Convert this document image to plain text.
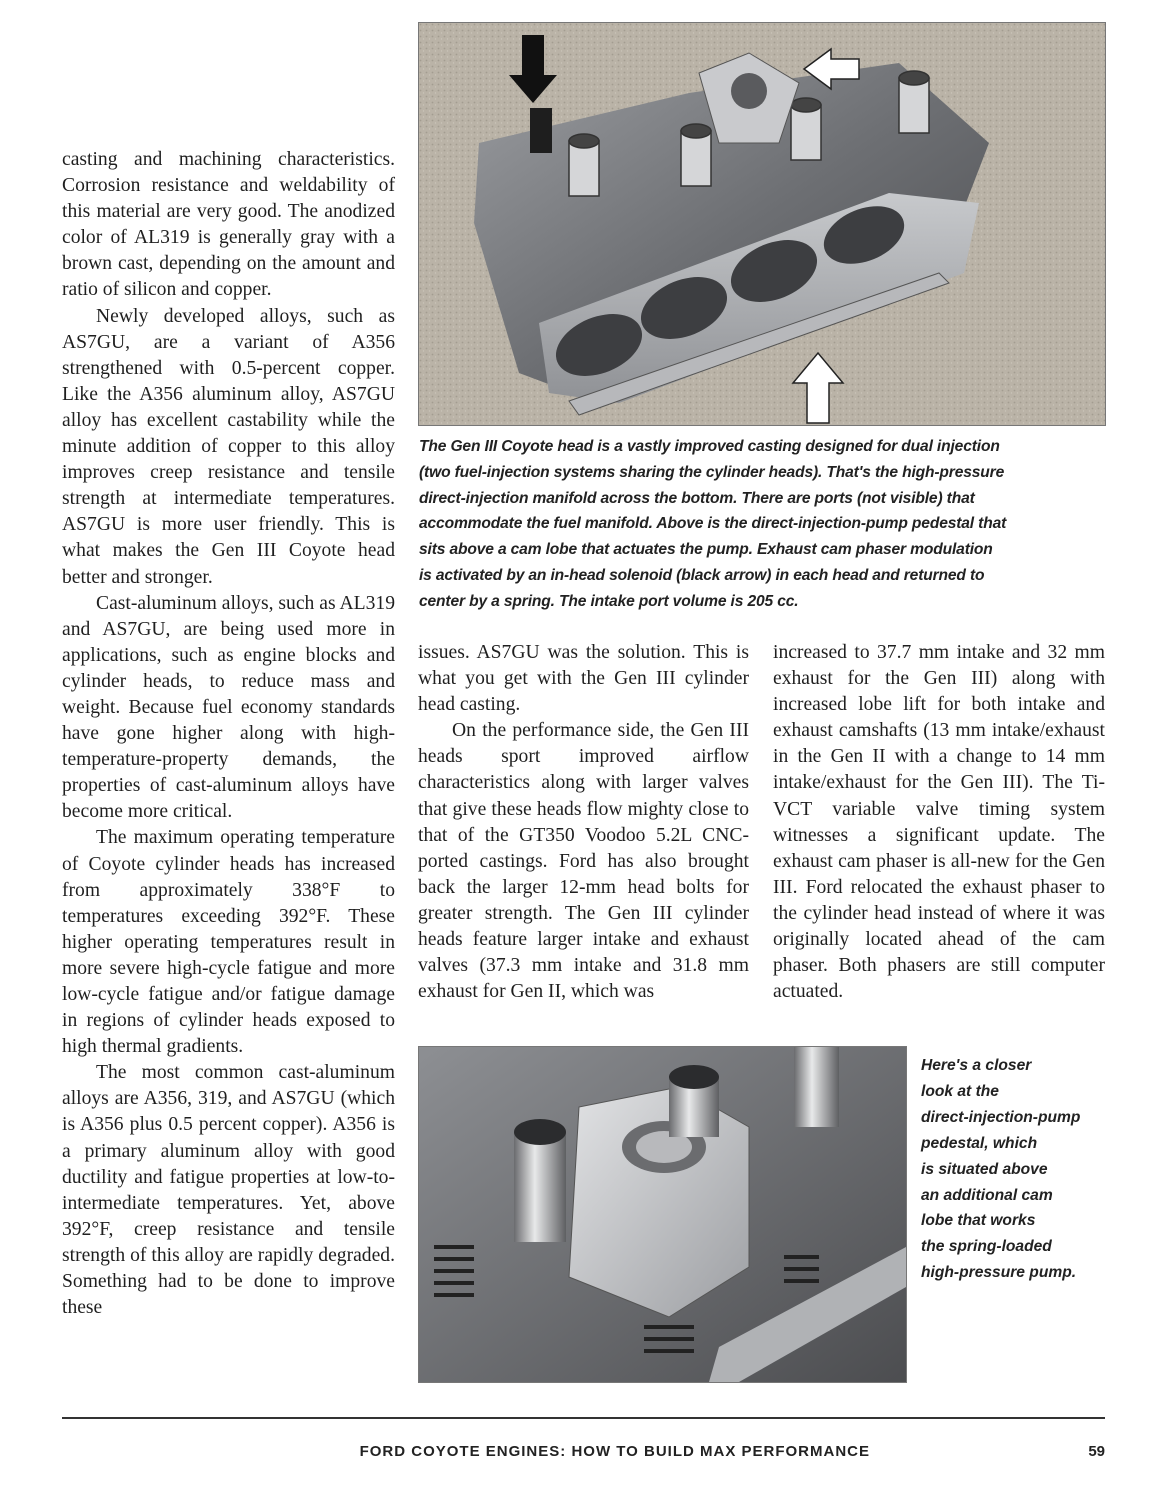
casting and machining characteristics. Corrosion resistance and weldability of this material are very good. The anodized color of AL319 is generally gray with a brown cast, depending on the amount and ratio of silicon and copper.

Newly developed alloys, such as AS7GU, are a variant of A356 strengthened with 0.5-percent copper. Like the A356 aluminum alloy, AS7GU alloy has excellent castability while the minute addition of copper to this alloy improves creep resistance and tensile strength at intermediate temperatures. AS7GU is more user friendly. This is what makes the Gen III Coyote head better and stronger.

Cast-aluminum alloys, such as AL319 and AS7GU, are being used more in applications, such as engine blocks and cylinder heads, to reduce mass and weight. Because fuel economy standards have gone higher along with high-temperature-property demands, the properties of cast-aluminum alloys have become more critical.

The maximum operating temperature of Coyote cylinder heads has increased from approximately 338°F to temperatures exceeding 392°F. These higher operating temperatures result in more severe high-cycle fatigue and more low-cycle fatigue and/or fatigue damage in regions of cylinder heads exposed to high thermal gradients.

The most common cast-aluminum alloys are A356, 319, and AS7GU (which is A356 plus 0.5 percent copper). A356 is a primary aluminum alloy with good ductility and fatigue properties at low-to-intermediate temperatures. Yet, above 392°F, creep resistance and tensile strength of this alloy are rapidly degraded. Something had to be done to improve these

The Gen III Coyote head is a vastly improved casting designed for dual injection
(two fuel-injection systems sharing the cylinder heads). That's the high-pressure
direct-injection manifold across the bottom. There are ports (not visible) that
accommodate the fuel manifold. Above is the direct-injection-pump pedestal that
sits above a cam lobe that actuates the pump. Exhaust cam phaser modulation
is activated by an in-head solenoid (black arrow) in each head and returned to
center by a spring. The intake port volume is 205 cc.

issues. AS7GU was the solution. This is what you get with the Gen III cylinder head casting.

On the performance side, the Gen III heads sport improved airflow characteristics along with larger valves that give these heads flow mighty close to that of the GT350 Voodoo 5.2L CNC-ported castings. Ford has also brought back the larger 12-mm head bolts for greater strength. The Gen III cylinder heads feature larger intake and exhaust valves (37.3 mm intake and 31.8 mm exhaust for Gen II, which was

increased to 37.7 mm intake and 32 mm exhaust for the Gen III) along with increased lobe lift for both intake and exhaust camshafts (13 mm intake/exhaust in the Gen II with a change to 14 mm intake/exhaust for the Gen III). The Ti-VCT variable valve timing system witnesses a significant update. The exhaust cam phaser is all-new for the Gen III. Ford relocated the exhaust phaser to the cylinder head instead of where it was originally located ahead of the cam phaser. Both phasers are still computer actuated.

Here's a closer
look at the
direct-injection-pump
pedestal, which
is situated above
an additional cam
lobe that works
the spring-loaded
high-pressure pump.
FORD COYOTE ENGINES: HOW TO BUILD MAX PERFORMANCE	59
